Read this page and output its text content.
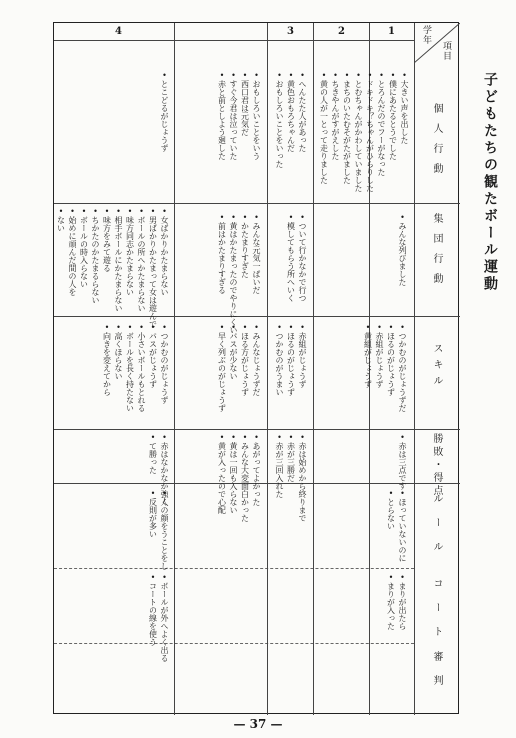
子どもたちの観たボール運動
学年
項目
1
2
3
4
個人行動
集団行動
スキル
勝敗・得点
ルール
コート
審判
•大きい声を出した•僕にあたるとうでした•とろんだのでフーがなった•ドキドキ？ちゃんがひらりした•とむちゃんがかわしていました•まちのいたむそがたがました•ちきやんがすがえした•黄の人が一とって走りました
•へんたた人があった•黄色おもろちゃんだ•おもしろいことをいった
•おもしろいことをいう•西口君は元気だ•すぐ今君は泣っていた•赤と前としよう廻した
•とこどるがじょうず
•みんな列びました
•ついて行かなかで行つ•模してもらう所へいく
•みんな元気一ぱいだ•かたまりすぎた•黄はかたまったのでやりにくい•前はかたまりすぎる
•女ばかりかたまらない•男ばかりかたまって女は遊んで•ボールの所へかたまらない•味方同志かたまらない•相手ボールにかたまらない•味方をみて遊る•ちかたのかたまるらない•ボールの時入らない•始めに頑んだ間の人を•ない
•つかむのがじょうずだ•ほるのがじょうず•赤組がじょうず•黄組がじょうず
•赤組がじょうず•ほるのがじょうず•つかむのがうまい
•みんなじょうずだ•ほる方がじょうず•パスが少ない•早く列ぶのがじょうず
•つかむのがじょうず•パスがじょうず•小さいボールもとれる•ボールを長く持たない•高くほらない•向きを変えてから
•赤は三点です
•赤は始めから終りまで•赤が三勝だ•赤が三回入れた
•あがってよかった•みんな大変面白かった•黄は一回も入らない•黄が入ったので心配
•赤はなかなか強く•て勝った
•ほっていないのに•とらない
•人の顔をうことをし•反則が多い
•まりが出たら•まりが入った
•ボールが外へよく出る•コートの線を使う
— 37 —
